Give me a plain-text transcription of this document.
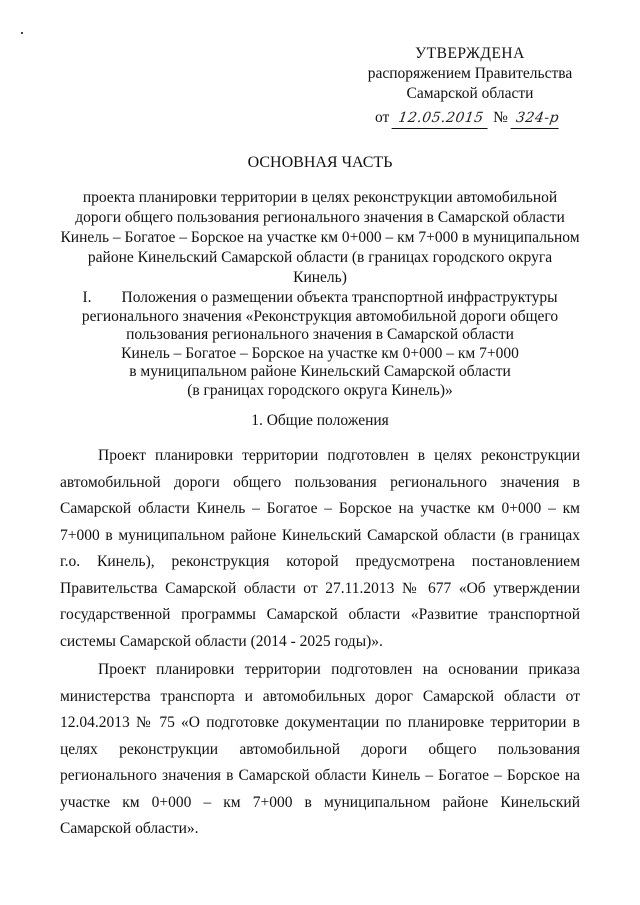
УТВЕРЖДЕНА
распоряжением Правительства
Самарской области
от 12.05.2015 № 324-р
ОСНОВНАЯ ЧАСТЬ
проекта планировки территории в целях реконструкции автомобильной дороги общего пользования регионального значения в Самарской области Кинель – Богатое – Борское на участке км 0+000 – км 7+000 в муниципальном районе Кинельский Самарской области (в границах городского округа Кинель)
I. Положения о размещении объекта транспортной инфраструктуры
регионального значения «Реконструкция автомобильной дороги общего
пользования регионального значения в Самарской области
Кинель – Богатое – Борское на участке км 0+000 – км 7+000
в муниципальном районе Кинельский Самарской области
(в границах городского округа Кинель)»
1. Общие положения

Проект планировки территории подготовлен в целях реконструкции автомобильной дороги общего пользования регионального значения в Самарской области Кинель – Богатое – Борское на участке км 0+000 – км 7+000 в муниципальном районе Кинельский Самарской области (в границах г.о. Кинель), реконструкция которой предусмотрена постановлением Правительства Самарской области от 27.11.2013 № 677 «Об утверждении государственной программы Самарской области «Развитие транспортной системы Самарской области (2014 - 2025 годы)».

Проект планировки территории подготовлен на основании приказа министерства транспорта и автомобильных дорог Самарской области от 12.04.2013 № 75 «О подготовке документации по планировке территории в целях реконструкции автомобильной дороги общего пользования регионального значения в Самарской области Кинель – Богатое – Борское на участке км 0+000 – км 7+000 в муниципальном районе Кинельский Самарской области».
